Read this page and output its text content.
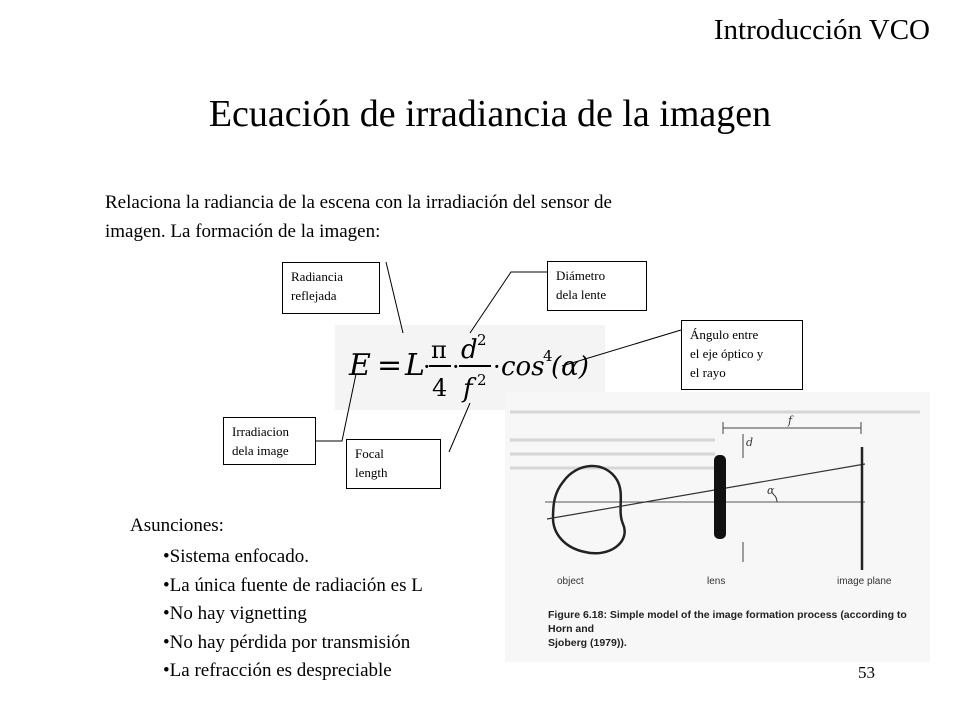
Introducción VCO
Ecuación de irradiancia de la imagen
Relaciona la radiancia de la escena con la irradiación del sensor de
imagen. La formación de la imagen:
E = L
·
π
4
·
d 2
f 2 · cos
4
(α)
f
d
α
object	lens	image plane
Figure 6.18: Simple model of the image formation process (according to Horn and
Sjoberg (1979)).
Radiancia
reflejada
Diámetro
dela lente
Ángulo entre
el eje óptico y
el rayo
Irradiacion
dela image	Focal
length
Asunciones:
• Sistema enfocado.
• La única fuente de radiación es L
• No hay vignetting
• No hay pérdida por transmisión
• La refracción es despreciable	53
